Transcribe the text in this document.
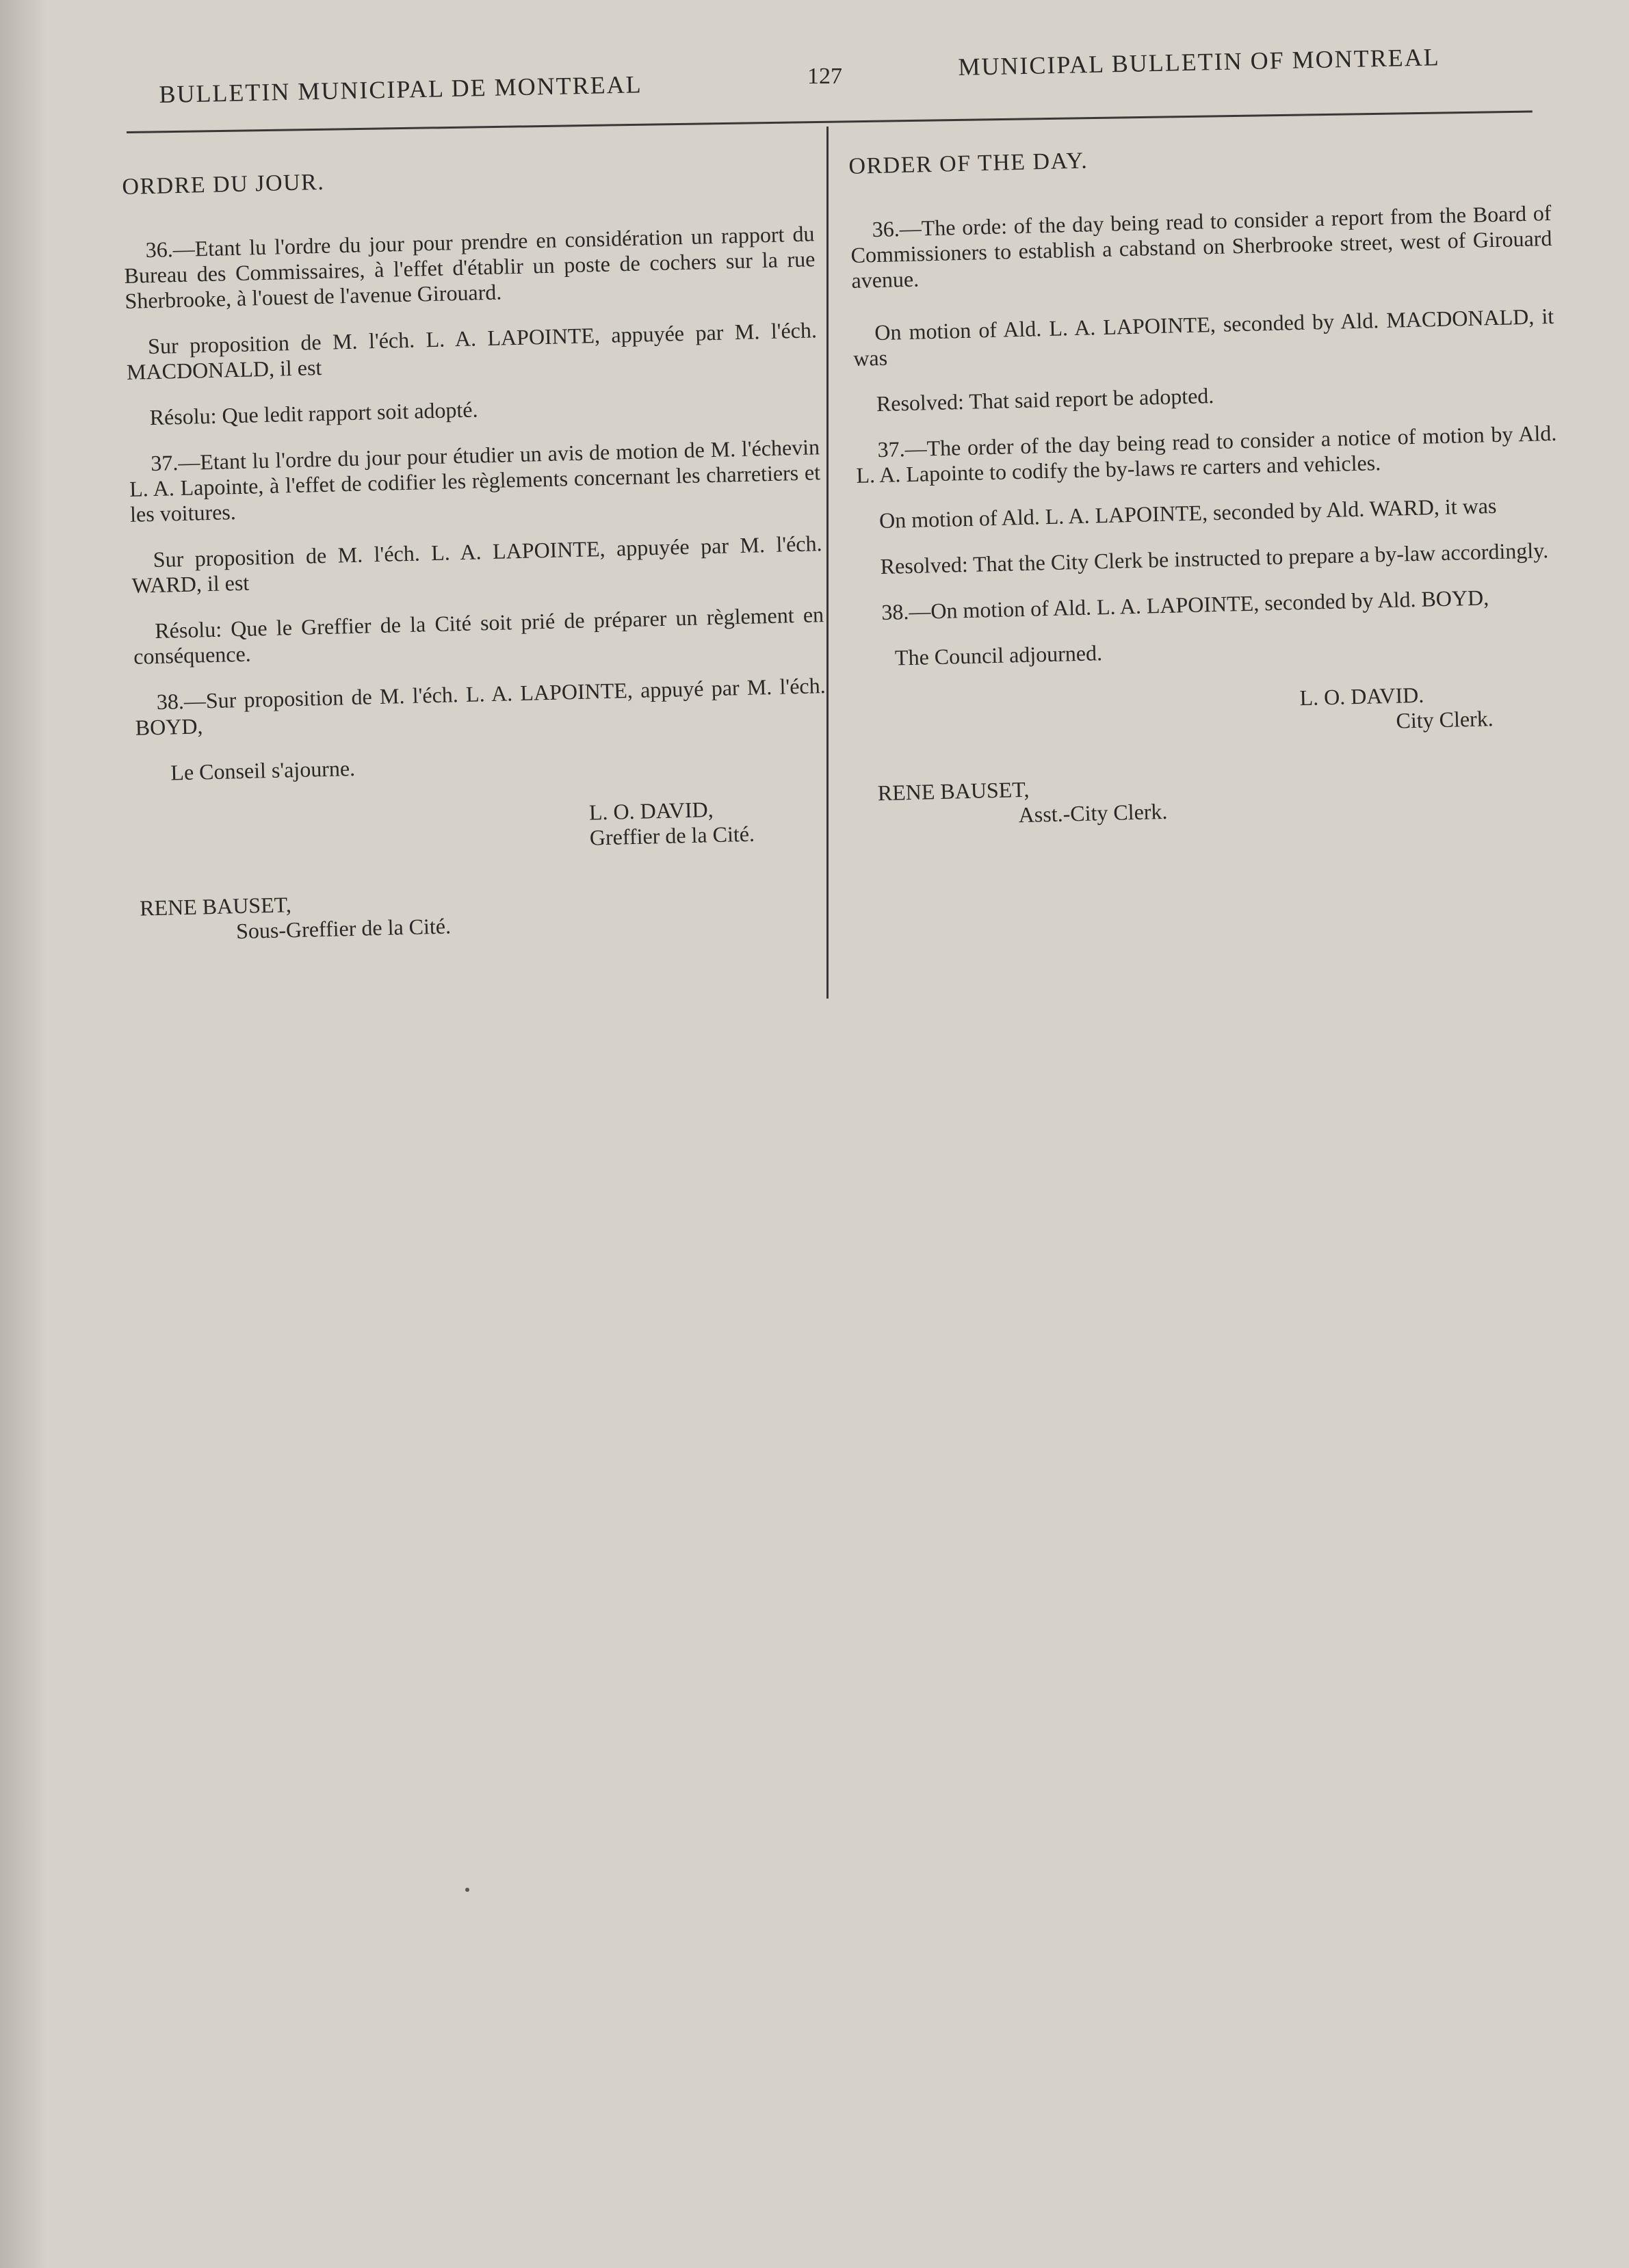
BULLETIN MUNICIPAL DE MONTREAL	127	MUNICIPAL BULLETIN OF MONTREAL
ORDRE DU JOUR.

36.—Etant lu l'ordre du jour pour prendre en considération un rapport du Bureau des Commissaires, à l'effet d'établir un poste de cochers sur la rue Sherbrooke, à l'ouest de l'avenue Girouard.

Sur proposition de M. l'éch. L. A. LAPOINTE, appuyée par M. l'éch. MACDONALD, il est

Résolu: Que ledit rapport soit adopté.

37.—Etant lu l'ordre du jour pour étudier un avis de motion de M. l'échevin L. A. Lapointe, à l'effet de codifier les règlements concernant les charretiers et les voitures.

Sur proposition de M. l'éch. L. A. LAPOINTE, appuyée par M. l'éch. WARD, il est

Résolu: Que le Greffier de la Cité soit prié de préparer un règlement en conséquence.

38.—Sur proposition de M. l'éch. L. A. LAPOINTE, appuyé par M. l'éch. BOYD,

Le Conseil s'ajourne.

L. O. DAVID,
Greffier de la Cité.
RENE BAUSET,
Sous-Greffier de la Cité.
ORDER OF THE DAY.

36.—The orde: of the day being read to consider a report from the Board of Commissioners to establish a cabstand on Sherbrooke street, west of Girouard avenue.

On motion of Ald. L. A. LAPOINTE, seconded by Ald. MACDONALD, it was

Resolved: That said report be adopted.

37.—The order of the day being read to consider a notice of motion by Ald. L. A. Lapointe to codify the by-laws re carters and vehicles.

On motion of Ald. L. A. LAPOINTE, seconded by Ald. WARD, it was

Resolved: That the City Clerk be instructed to prepare a by-law accordingly.

38.—On motion of Ald. L. A. LAPOINTE, seconded by Ald. BOYD,

The Council adjourned.

L. O. DAVID.
City Clerk.
RENE BAUSET,
Asst.-City Clerk.
